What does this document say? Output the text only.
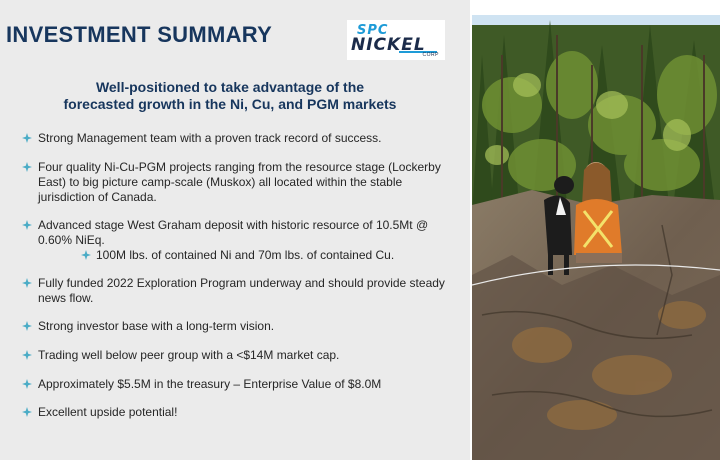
INVESTMENT SUMMARY	SPC
NICKEL
CORP
Well-positioned to take advantage of the
forecasted growth in the Ni, Cu, and PGM markets
Strong Management team with a proven track record of success.
Four quality Ni-Cu-PGM projects ranging from the resource stage (Lockerby
East) to big picture camp-scale (Muskox) all located within the stable
jurisdiction of Canada.
Advanced stage West Graham deposit with historic resource of 10.5Mt @
0.60% NiEq.
100M lbs. of contained Ni and 70m lbs. of contained Cu.
Fully funded 2022 Exploration Program underway and should provide steady
news flow.
Strong investor base with a long-term vision.
Trading well below peer group with a <$14M market cap.
Approximately $5.5M in the treasury – Enterprise Value of $8.0M
Excellent upside potential!
